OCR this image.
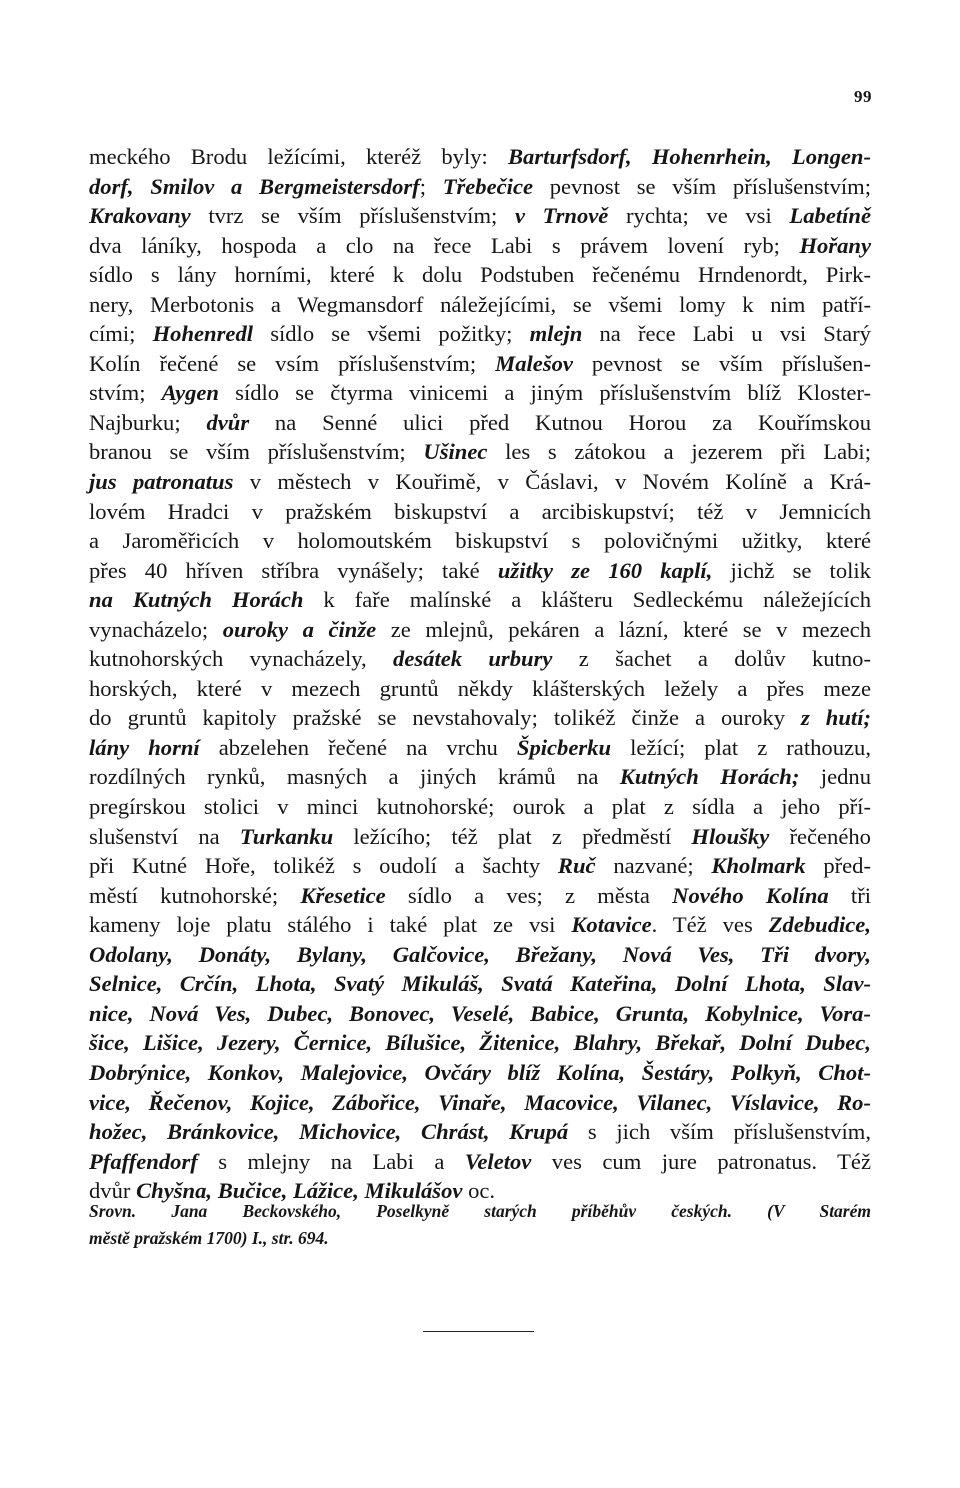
99
meckého Brodu ležícími, kteréž byly: Barturfsdorf, Hohenrhein, Longen-
dorf, Smilov a Bergmeistersdorf; Třebečice pevnost se vším příslušenstvím;
Krakovany tvrz se vším příslušenstvím; v Trnově rychta; ve vsi Labetíně
dva láníky, hospoda a clo na řece Labi s právem lovení ryb; Hořany
sídlo s lány horními, které k dolu Podstuben řečenému Hrndenordt, Pirk-
nery, Merbotonis a Wegmansdorf náležejícími, se všemi lomy k nim patří-
cími; Hohenredl sídlo se všemi požitky; mlejn na řece Labi u vsi Starý
Kolín řečené se vsím příslušenstvím; Malešov pevnost se vším příslušen-
stvím; Aygen sídlo se čtyrma vinicemi a jiným příslušenstvím blíž Kloster-
Najburku; dvůr na Senné ulici před Kutnou Horou za Kouřímskou
branou se vším příslušenstvím; Ušinec les s zátokou a jezerem při Labi;
jus patronatus v městech v Kouřimě, v Čáslavi, v Novém Kolíně a Krá-
lovém Hradci v pražském biskupství a arcibiskupství; též v Jemnicích
a Jaroměřicích v holomoutském biskupství s polovičnými užitky, které
přes 40 hříven stříbra vynášely; také užitky ze 160 kaplí, jichž se tolik
na Kutných Horách k faře malínské a klášteru Sedleckému náležejících
vynacházelo; ouroky a činže ze mlejnů, pekáren a lázní, které se v mezech
kutnohorských vynacházely, desátek urbury z šachet a dolův kutno-
horských, které v mezech gruntů někdy klášterských ležely a přes meze
do gruntů kapitoly pražské se nevstahovaly; tolikéž činže a ouroky z hutí;
lány horní abzelehen řečené na vrchu Špicberku ležící; plat z rathouzu,
rozdílných rynků, masných a jiných krámů na Kutných Horách; jednu
pregírskou stolici v minci kutnohorské; ourok a plat z sídla a jeho pří-
slušenství na Turkanku ležícího; též plat z předměstí Hloušky řečeného
při Kutné Hoře, tolikéž s oudolí a šachty Ruč nazvané; Kholmark před-
městí kutnohorské; Křesetice sídlo a ves; z města Nového Kolína tři
kameny loje platu stálého i také plat ze vsi Kotavice. Též ves Zdebudice,
Odolany, Donáty, Bylany, Galčovice, Břežany, Nová Ves, Tři dvory,
Selnice, Crčín, Lhota, Svatý Mikuláš, Svatá Kateřina, Dolní Lhota, Slav-
nice, Nová Ves, Dubec, Bonovec, Veselé, Babice, Grunta, Kobylnice, Vora-
šice, Lišice, Jezery, Černice, Bílušice, Žitenice, Blahry, Břekař, Dolní Dubec,
Dobrýnice, Konkov, Malejovice, Ovčáry blíž Kolína, Šestáry, Polkyň, Chot-
vice, Řečenov, Kojice, Zábořice, Vinaře, Macovice, Vilanec, Víslavice, Ro-
hožec, Bránkovice, Michovice, Chrást, Krupá s jich vším příslušenstvím,
Pfaffendorf s mlejny na Labi a Veletov ves cum jure patronatus. Též
dvůr Chyšna, Bučice, Lážice, Mikulášov oc.
Srovn. Jana Beckovského, Poselkyně starých příběhův českých. (V Starém
městě pražském 1700) I., str. 694.
